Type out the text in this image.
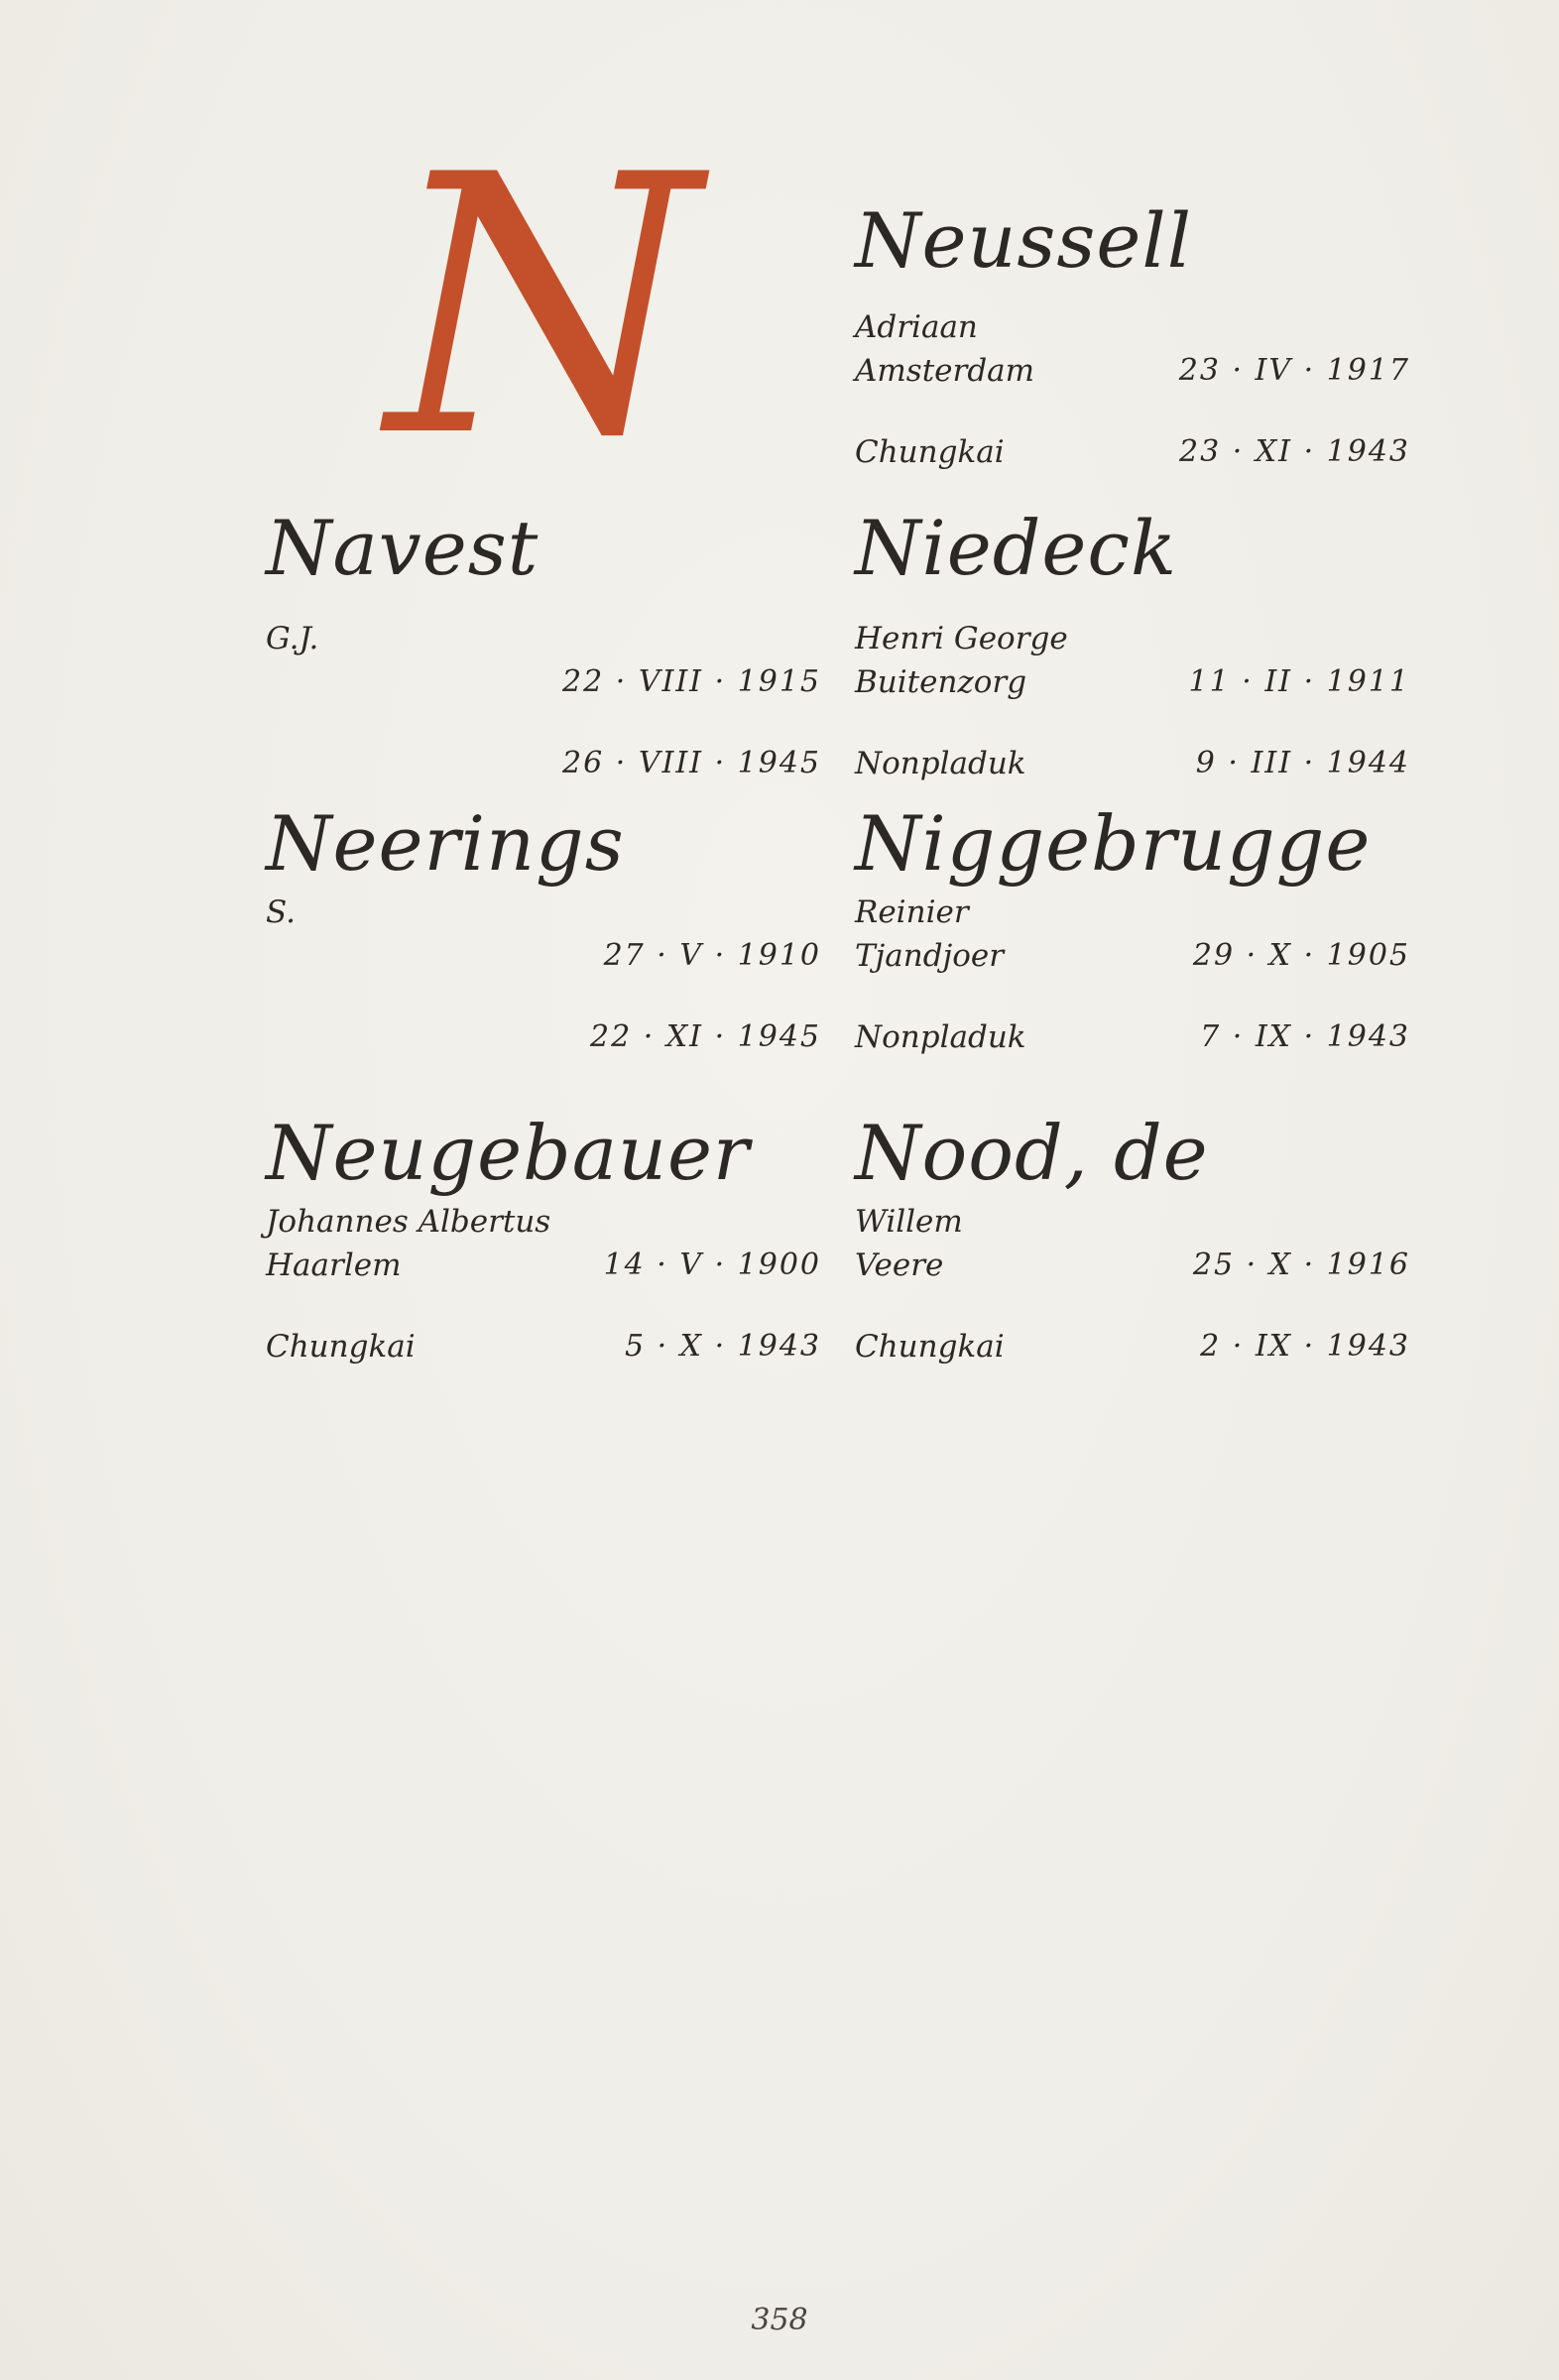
N
Navest
G.J.
22 · VIII · 1915
26 · VIII · 1945
Neerings
S.
27 · V · 1910
22 · XI · 1945
Neugebauer
Johannes Albertus
Haarlem	14 · V · 1900
Chungkai	5 · X · 1943
Neussell
Adriaan
Amsterdam	23 · IV · 1917
Chungkai	23 · XI · 1943
Niedeck
Henri George
Buitenzorg	11 · II · 1911
Nonpladuk	9 · III · 1944
Niggebrugge
Reinier
Tjandjoer	29 · X · 1905
Nonpladuk	7 · IX · 1943
Nood, de
Willem
Veere	25 · X · 1916
Chungkai	2 · IX · 1943
358
